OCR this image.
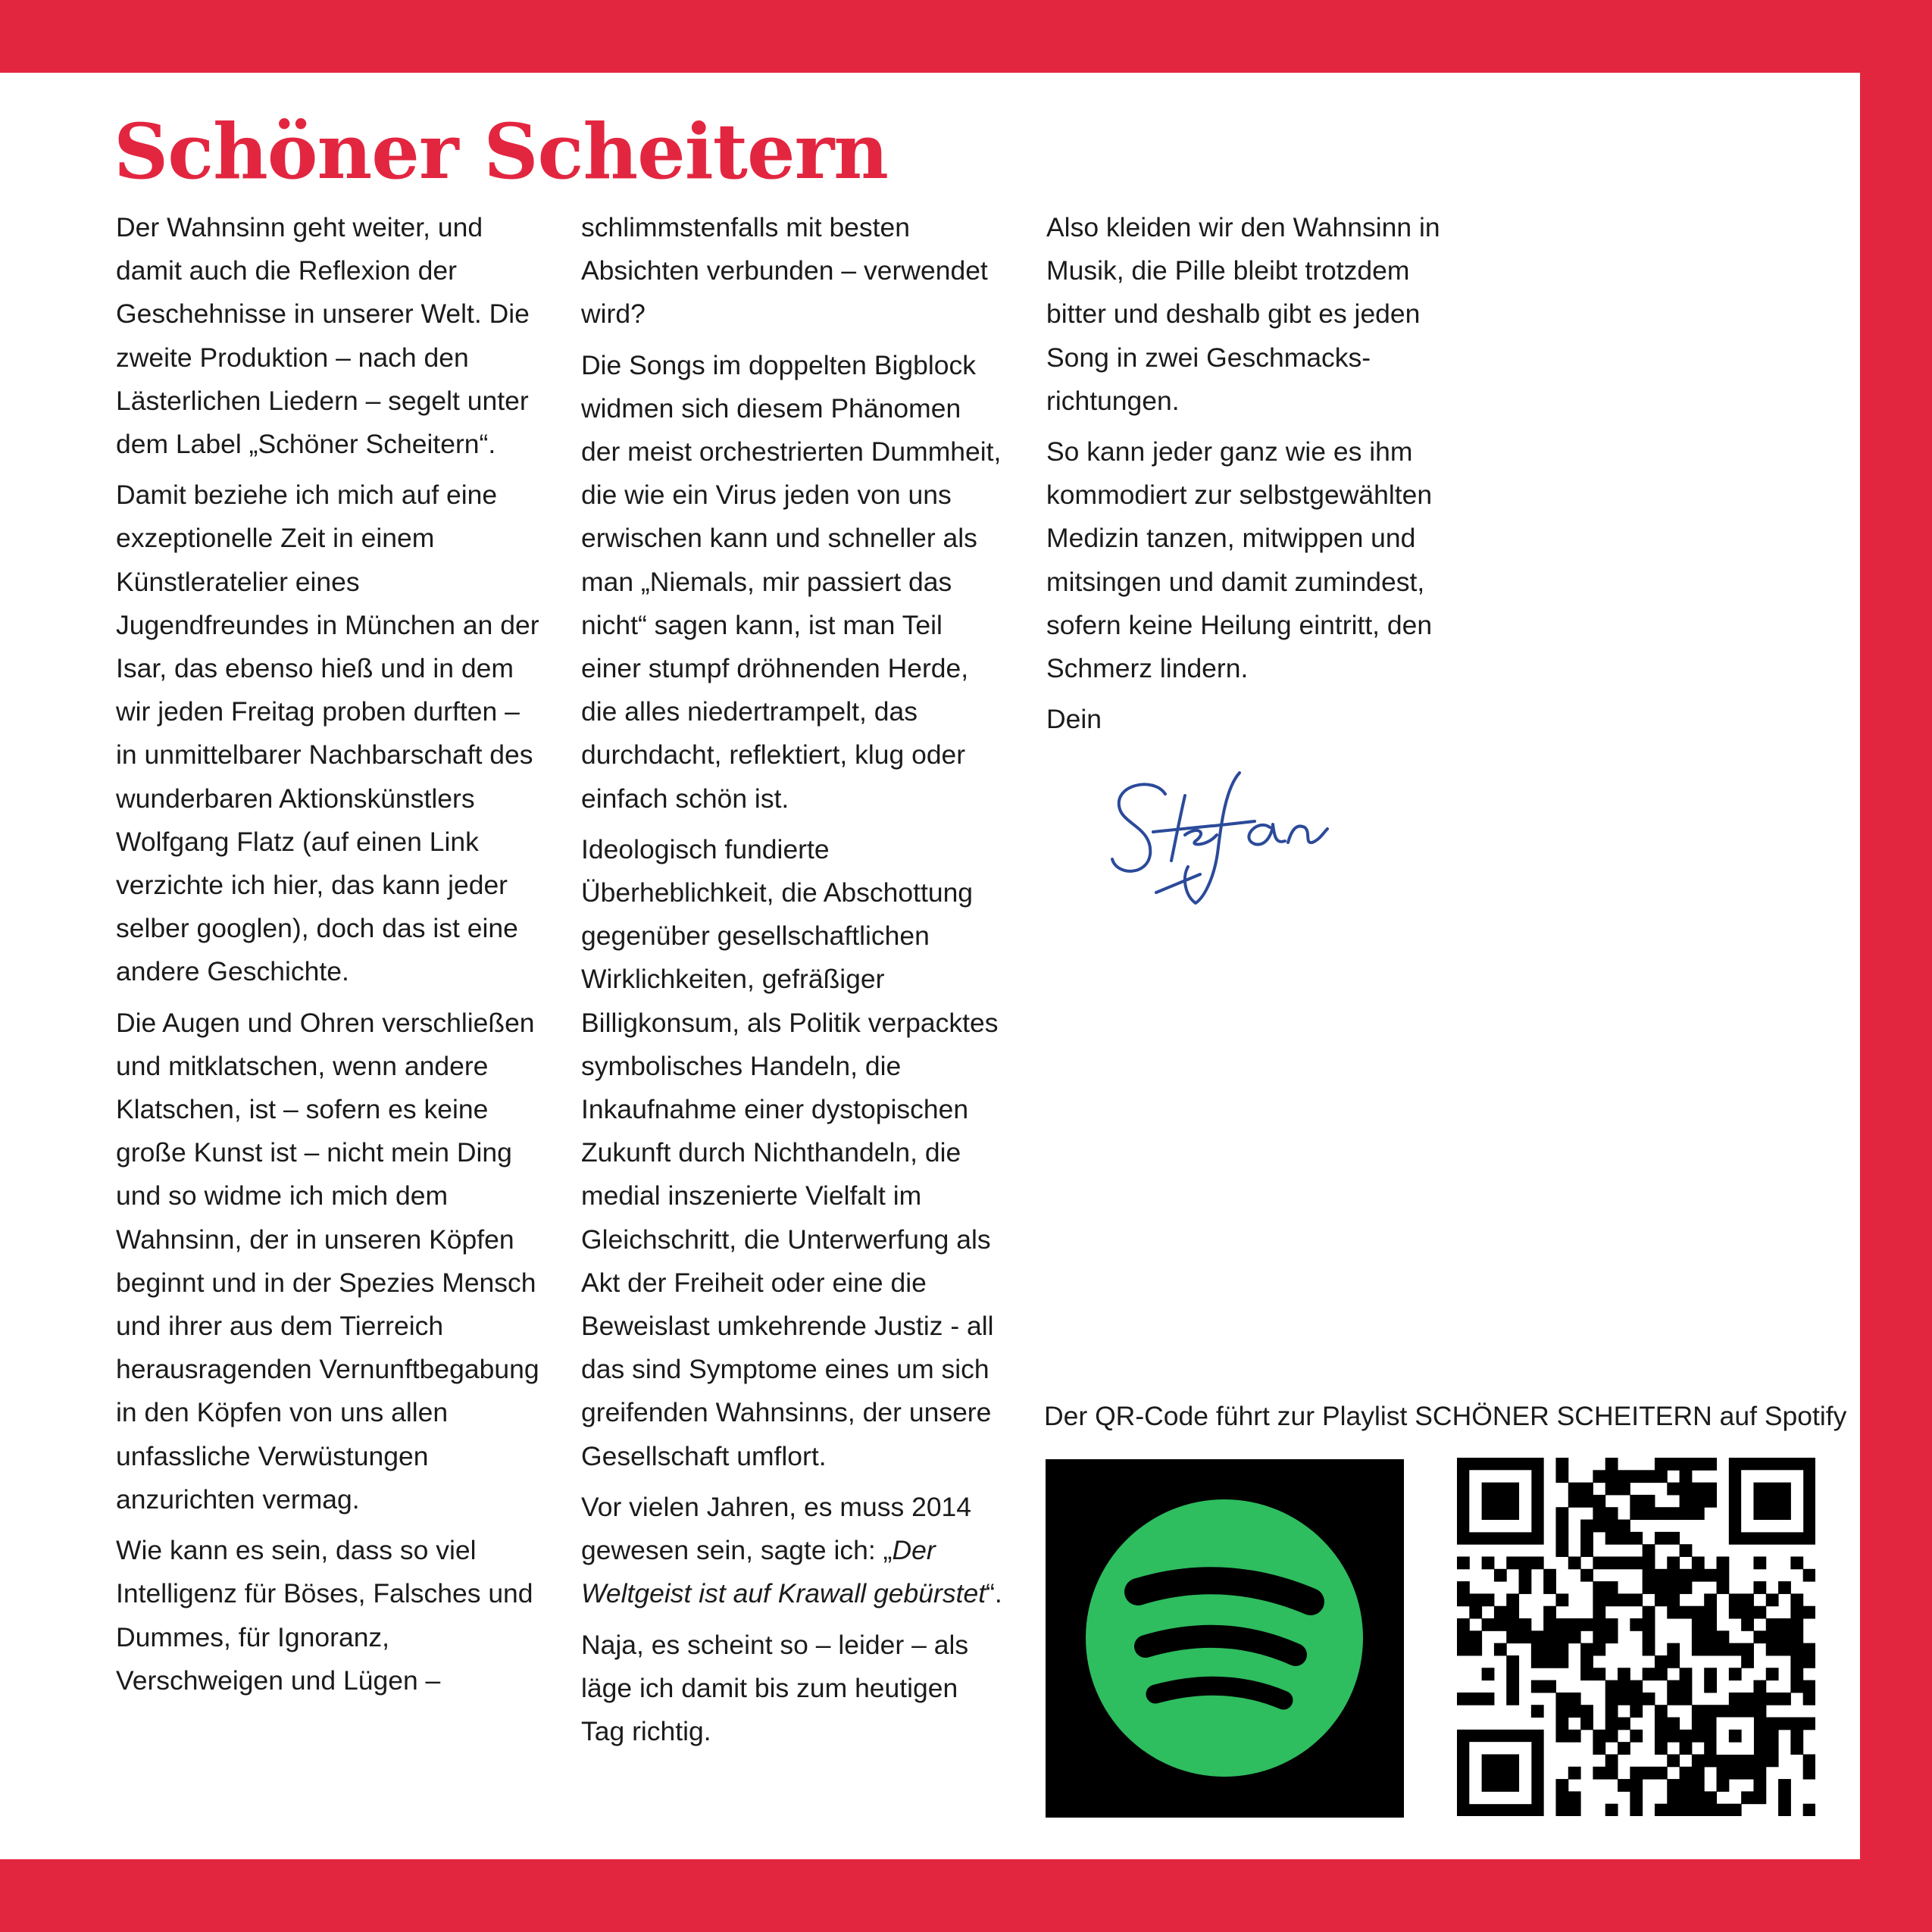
Schöner Scheitern

Der Wahnsinn geht weiter, und damit auch die Reflexion der Geschehnisse in unserer Welt. Die zweite Produktion – nach den Lästerlichen Liedern – segelt unter dem Label „Schöner Scheitern“.

Damit beziehe ich mich auf eine exzeptionelle Zeit in einem Künstleratelier eines Jugendfreundes in München an der Isar, das ebenso hieß und in dem wir jeden Freitag proben durften – in unmittelbarer Nachbarschaft des wunderbaren Aktionskünstlers Wolfgang Flatz (auf einen Link verzichte ich hier, das kann jeder selber googlen), doch das ist eine andere Geschichte.

Die Augen und Ohren verschließen und mitklatschen, wenn andere Klatschen, ist – sofern es keine große Kunst ist – nicht mein Ding und so widme ich mich dem Wahnsinn, der in unseren Köpfen beginnt und in der Spezies Mensch und ihrer aus dem Tierreich herausragenden Vernunftbegabung in den Köpfen von uns allen unfassliche Verwüstungen anzurichten vermag.

Wie kann es sein, dass so viel Intelligenz für Böses, Falsches und Dummes, für Ignoranz, Verschweigen und Lügen –

schlimmstenfalls mit besten Absichten verbunden – verwendet wird?

Die Songs im doppelten Bigblock widmen sich diesem Phänomen der meist orchestrierten Dummheit, die wie ein Virus jeden von uns erwischen kann und schneller als man „Niemals, mir passiert das nicht“ sagen kann, ist man Teil einer stumpf dröhnenden Herde, die alles niedertrampelt, das durchdacht, reflektiert, klug oder einfach schön ist.

Ideologisch fundierte Überheblichkeit, die Abschottung gegenüber gesellschaftlichen Wirklichkeiten, gefräßiger Billigkonsum, als Politik verpacktes symbolisches Handeln, die Inkaufnahme einer dystopischen Zukunft durch Nichthandeln, die medial inszenierte Vielfalt im Gleichschritt, die Unterwerfung als Akt der Freiheit oder eine die Beweislast umkehrende Justiz - all das sind Symptome eines um sich greifenden Wahnsinns, der unsere Gesellschaft umflort.

Vor vielen Jahren, es muss 2014 gewesen sein, sagte ich: „Der Weltgeist ist auf Krawall gebürstet“.

Naja, es scheint so – leider – als läge ich damit bis zum heutigen Tag richtig.

Also kleiden wir den Wahnsinn in Musik, die Pille bleibt trotzdem bitter und deshalb gibt es jeden Song in zwei Geschmacks-richtungen.

So kann jeder ganz wie es ihm kommodiert zur selbstgewählten Medizin tanzen, mitwippen und mitsingen und damit zumindest, sofern keine Heilung eintritt, den Schmerz lindern.

Dein

Der QR-Code führt zur Playlist SCHÖNER SCHEITERN auf Spotify
